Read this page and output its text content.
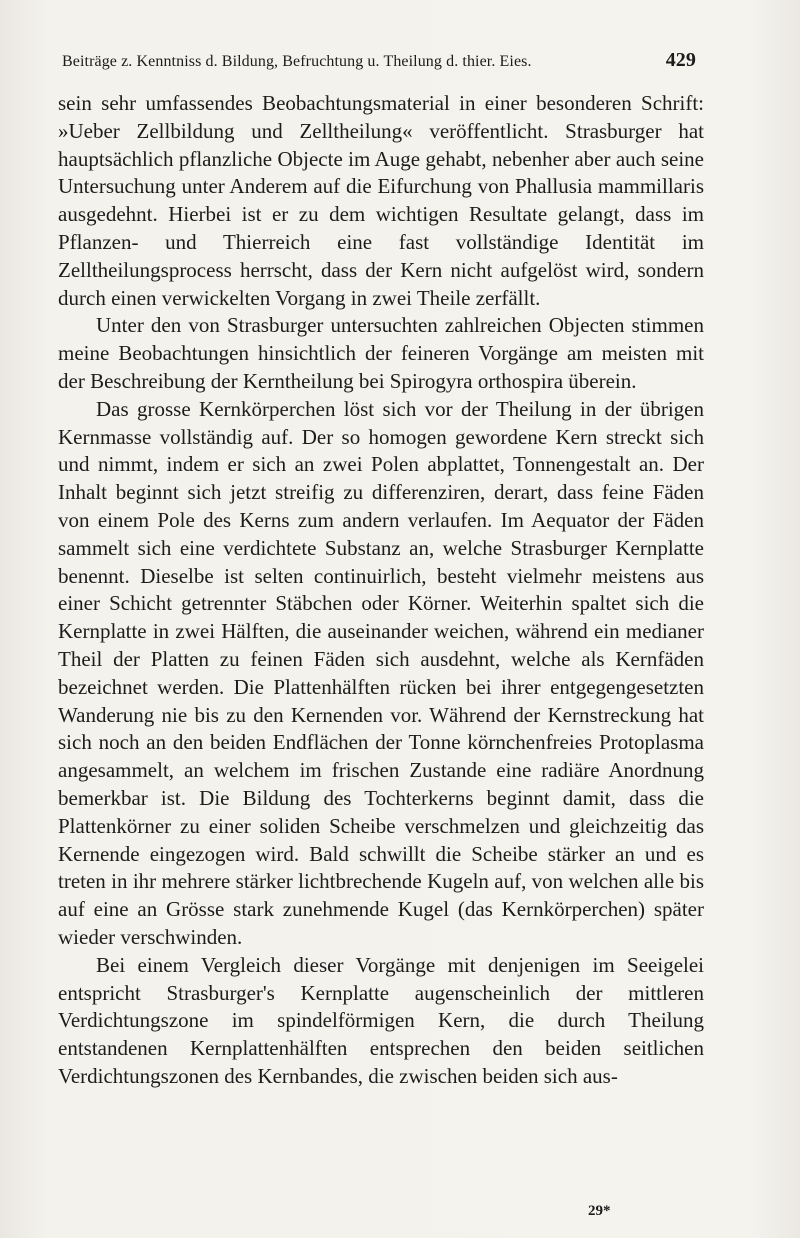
Beiträge z. Kenntniss d. Bildung, Befruchtung u. Theilung d. thier. Eies.	429

sein sehr umfassendes Beobachtungsmaterial in einer besonderen Schrift: »Ueber Zellbildung und Zelltheilung« veröffentlicht. Strasburger hat hauptsächlich pflanzliche Objecte im Auge gehabt, nebenher aber auch seine Untersuchung unter Anderem auf die Eifurchung von Phallusia mammillaris ausgedehnt. Hierbei ist er zu dem wichtigen Resultate gelangt, dass im Pflanzen- und Thierreich eine fast vollständige Identität im Zelltheilungsprocess herrscht, dass der Kern nicht aufgelöst wird, sondern durch einen verwickelten Vorgang in zwei Theile zerfällt.

Unter den von Strasburger untersuchten zahlreichen Objecten stimmen meine Beobachtungen hinsichtlich der feineren Vorgänge am meisten mit der Beschreibung der Kerntheilung bei Spirogyra orthospira überein.

Das grosse Kernkörperchen löst sich vor der Theilung in der übrigen Kernmasse vollständig auf. Der so homogen gewordene Kern streckt sich und nimmt, indem er sich an zwei Polen abplattet, Tonnengestalt an. Der Inhalt beginnt sich jetzt streifig zu differenziren, derart, dass feine Fäden von einem Pole des Kerns zum andern verlaufen. Im Aequator der Fäden sammelt sich eine verdichtete Substanz an, welche Strasburger Kernplatte benennt. Dieselbe ist selten continuirlich, besteht vielmehr meistens aus einer Schicht getrennter Stäbchen oder Körner. Weiterhin spaltet sich die Kernplatte in zwei Hälften, die auseinander weichen, während ein medianer Theil der Platten zu feinen Fäden sich ausdehnt, welche als Kernfäden bezeichnet werden. Die Plattenhälften rücken bei ihrer entgegengesetzten Wanderung nie bis zu den Kernenden vor. Während der Kernstreckung hat sich noch an den beiden Endflächen der Tonne körnchenfreies Protoplasma angesammelt, an welchem im frischen Zustande eine radiäre Anordnung bemerkbar ist. Die Bildung des Tochterkerns beginnt damit, dass die Plattenkörner zu einer soliden Scheibe verschmelzen und gleichzeitig das Kernende eingezogen wird. Bald schwillt die Scheibe stärker an und es treten in ihr mehrere stärker lichtbrechende Kugeln auf, von welchen alle bis auf eine an Grösse stark zunehmende Kugel (das Kernkörperchen) später wieder verschwinden.

Bei einem Vergleich dieser Vorgänge mit denjenigen im Seeigelei entspricht Strasburger's Kernplatte augenscheinlich der mittleren Verdichtungszone im spindelförmigen Kern, die durch Theilung entstandenen Kernplattenhälften entsprechen den beiden seitlichen Verdichtungszonen des Kernbandes, die zwischen beiden sich aus-

29*
